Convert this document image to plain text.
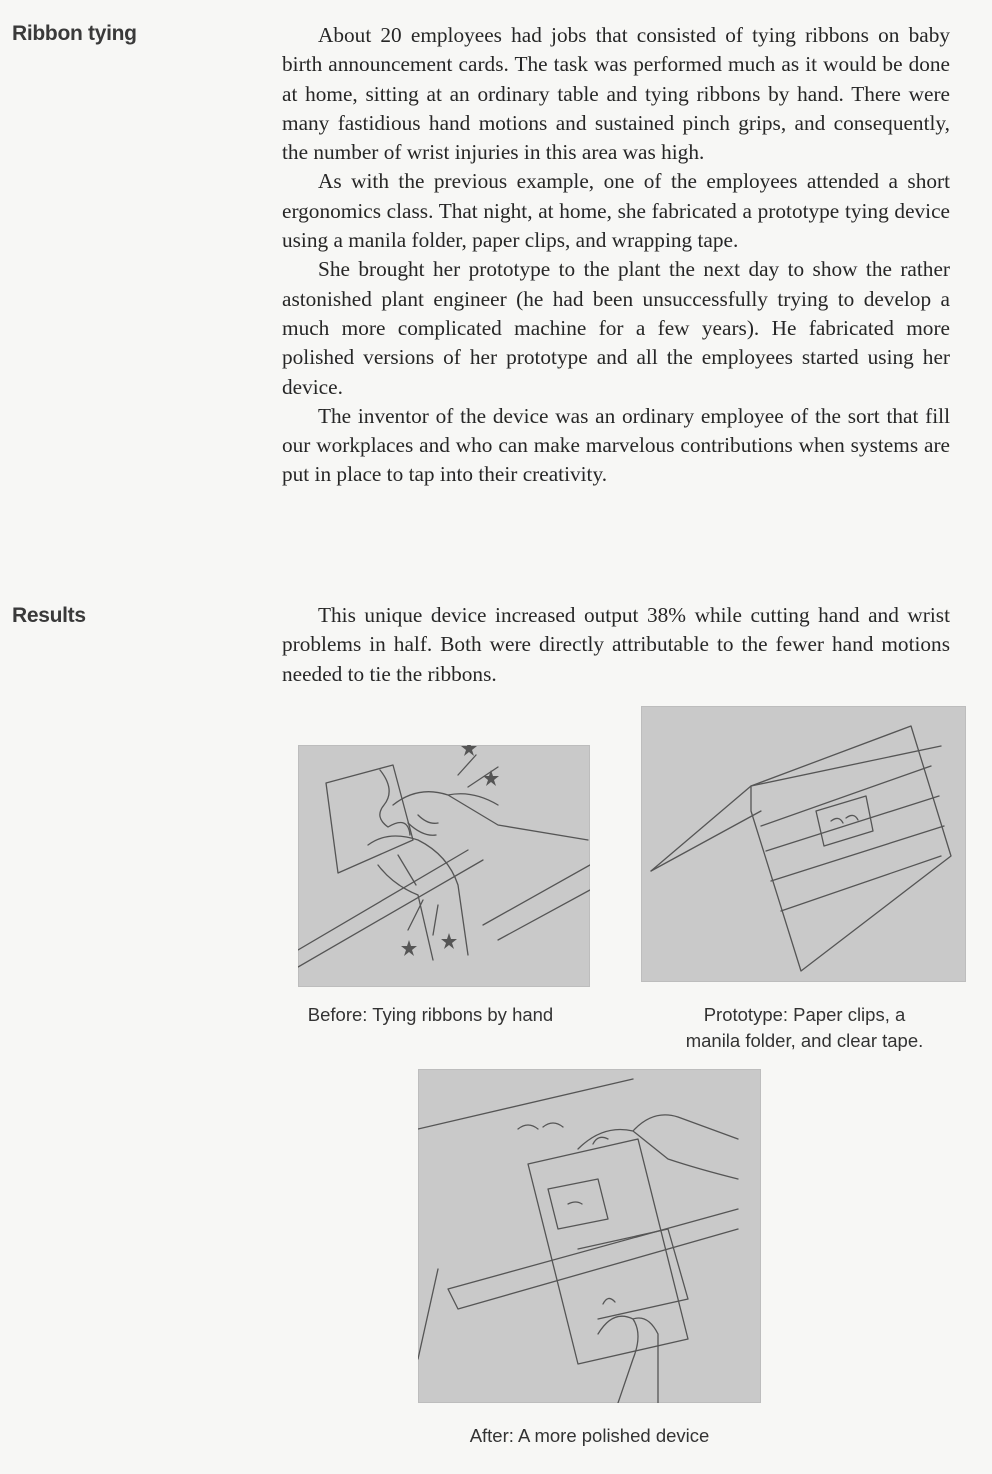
Ribbon tying	About 20 employees had jobs that consisted of tying ribbons on baby birth announcement cards. The task was performed much as it would be done at home, sitting at an ordinary table and tying ribbons by hand. There were many fastidious hand motions and sustained pinch grips, and consequently, the number of wrist injuries in this area was high.

As with the previous example, one of the employees attended a short ergonomics class. That night, at home, she fabricated a prototype tying device using a manila folder, paper clips, and wrapping tape.

She brought her prototype to the plant the next day to show the rather astonished plant engineer (he had been unsuccessfully trying to develop a much more complicated machine for a few years). He fabricated more polished versions of her prototype and all the employees started using her device.

The inventor of the device was an ordinary employee of the sort that fill our workplaces and who can make marvelous contributions when systems are put in place to tap into their creativity.

Results	This unique device increased output 38% while cutting hand and wrist problems in half. Both were directly attributable to the fewer hand motions needed to tie the ribbons.

Before: Tying ribbons by hand	Prototype: Paper clips, a
manila folder, and clear tape.
After: A more polished device
